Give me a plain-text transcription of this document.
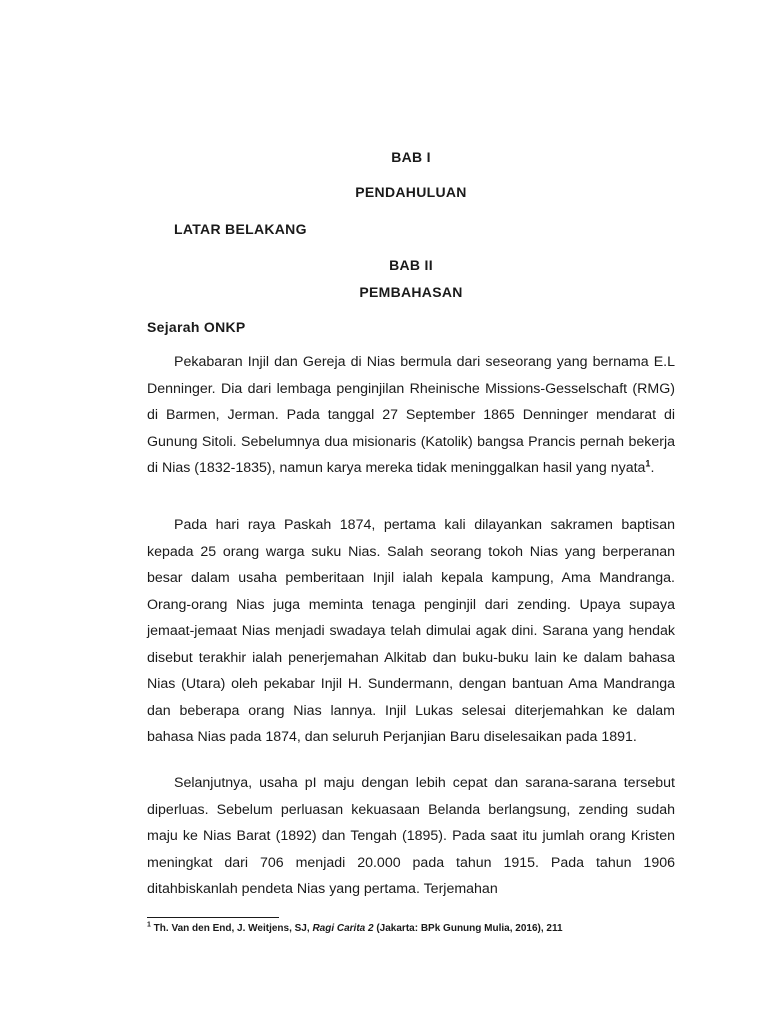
BAB I
PENDAHULUAN
LATAR BELAKANG
BAB II
PEMBAHASAN
Sejarah ONKP

Pekabaran Injil dan Gereja di Nias bermula dari seseorang yang bernama E.L Denninger. Dia dari lembaga penginjilan Rheinische Missions-Gesselschaft (RMG) di Barmen, Jerman. Pada tanggal 27 September 1865 Denninger mendarat di Gunung Sitoli. Sebelumnya dua misionaris (Katolik) bangsa Prancis pernah bekerja di Nias (1832-1835), namun karya mereka tidak meninggalkan hasil yang nyata$^1$.

Pada hari raya Paskah 1874, pertama kali dilayankan sakramen baptisan kepada 25 orang warga suku Nias. Salah seorang tokoh Nias yang berperanan besar dalam usaha pemberitaan Injil ialah kepala kampung, Ama Mandranga. Orang-orang Nias juga meminta tenaga penginjil dari zending. Upaya supaya jemaat-jemaat Nias menjadi swadaya telah dimulai agak dini. Sarana yang hendak disebut terakhir ialah penerjemahan Alkitab dan buku-buku lain ke dalam bahasa Nias (Utara) oleh pekabar Injil H. Sundermann, dengan bantuan Ama Mandranga dan beberapa orang Nias lannya. Injil Lukas selesai diterjemahkan ke dalam bahasa Nias pada 1874, dan seluruh Perjanjian Baru diselesaikan pada 1891.

Selanjutnya, usaha pI maju dengan lebih cepat dan sarana-sarana tersebut diperluas. Sebelum perluasan kekuasaan Belanda berlangsung, zending sudah maju ke Nias Barat (1892) dan Tengah (1895). Pada saat itu jumlah orang Kristen meningkat dari 706 menjadi 20.000 pada tahun 1915. Pada tahun 1906 ditahbiskanlah pendeta Nias yang pertama. Terjemahan

$^1$ Th. Van den End, J. Weitjens, SJ, Ragi Carita 2 (Jakarta: BPk Gunung Mulia, 2016), 211
